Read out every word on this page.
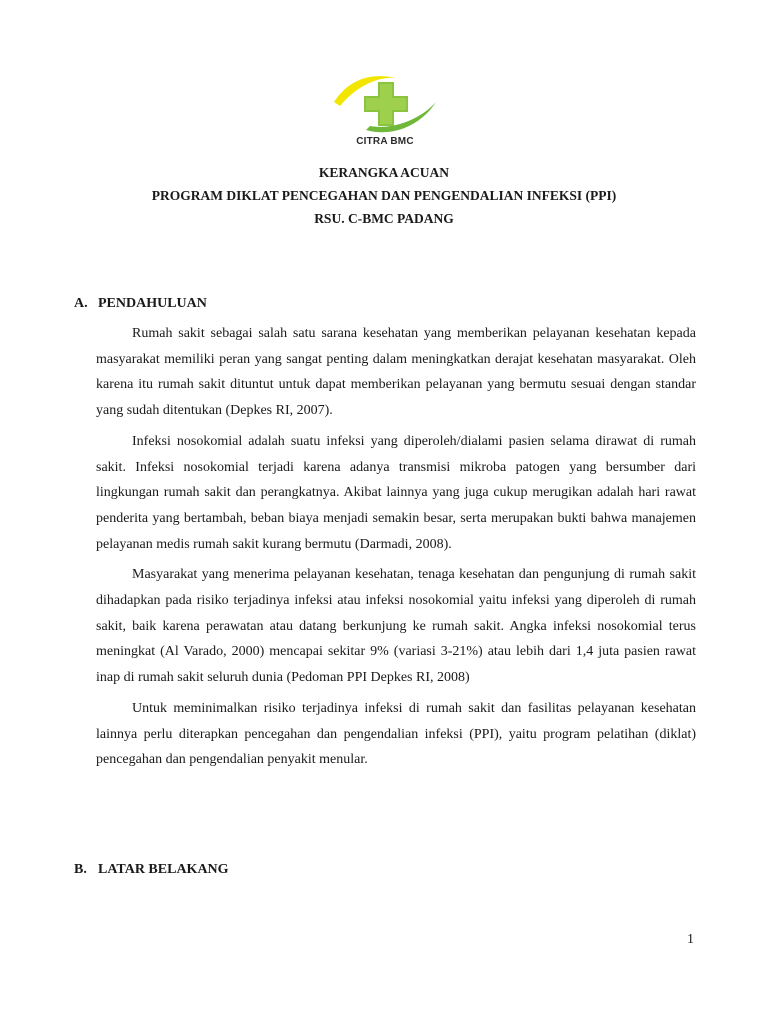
CITRA BMC
KERANGKA ACUAN
PROGRAM DIKLAT PENCEGAHAN DAN PENGENDALIAN INFEKSI (PPI)
RSU. C-BMC PADANG
A. PENDAHULUAN

Rumah sakit sebagai salah satu sarana kesehatan yang memberikan pelayanan kesehatan kepada masyarakat memiliki peran yang sangat penting dalam meningkatkan derajat kesehatan masyarakat. Oleh karena itu rumah sakit dituntut untuk dapat memberikan pelayanan yang bermutu sesuai dengan standar yang sudah ditentukan (Depkes RI, 2007).

Infeksi nosokomial adalah suatu infeksi yang diperoleh/dialami pasien selama dirawat di rumah sakit. Infeksi nosokomial terjadi karena adanya transmisi mikroba patogen yang bersumber dari lingkungan rumah sakit dan perangkatnya. Akibat lainnya yang juga cukup merugikan adalah hari rawat penderita yang bertambah, beban biaya menjadi semakin besar, serta merupakan bukti bahwa manajemen pelayanan medis rumah sakit kurang bermutu (Darmadi, 2008).

Masyarakat yang menerima pelayanan kesehatan, tenaga kesehatan dan pengunjung di rumah sakit dihadapkan pada risiko terjadinya infeksi atau infeksi nosokomial yaitu infeksi yang diperoleh di rumah sakit, baik karena perawatan atau datang berkunjung ke rumah sakit. Angka infeksi nosokomial terus meningkat (Al Varado, 2000) mencapai sekitar 9% (variasi 3-21%) atau lebih dari 1,4 juta pasien rawat inap di rumah sakit seluruh dunia (Pedoman PPI Depkes RI, 2008)

Untuk meminimalkan risiko terjadinya infeksi di rumah sakit dan fasilitas pelayanan kesehatan lainnya perlu diterapkan pencegahan dan pengendalian infeksi (PPI), yaitu program pelatihan (diklat) pencegahan dan pengendalian penyakit menular.

B. LATAR BELAKANG
1
